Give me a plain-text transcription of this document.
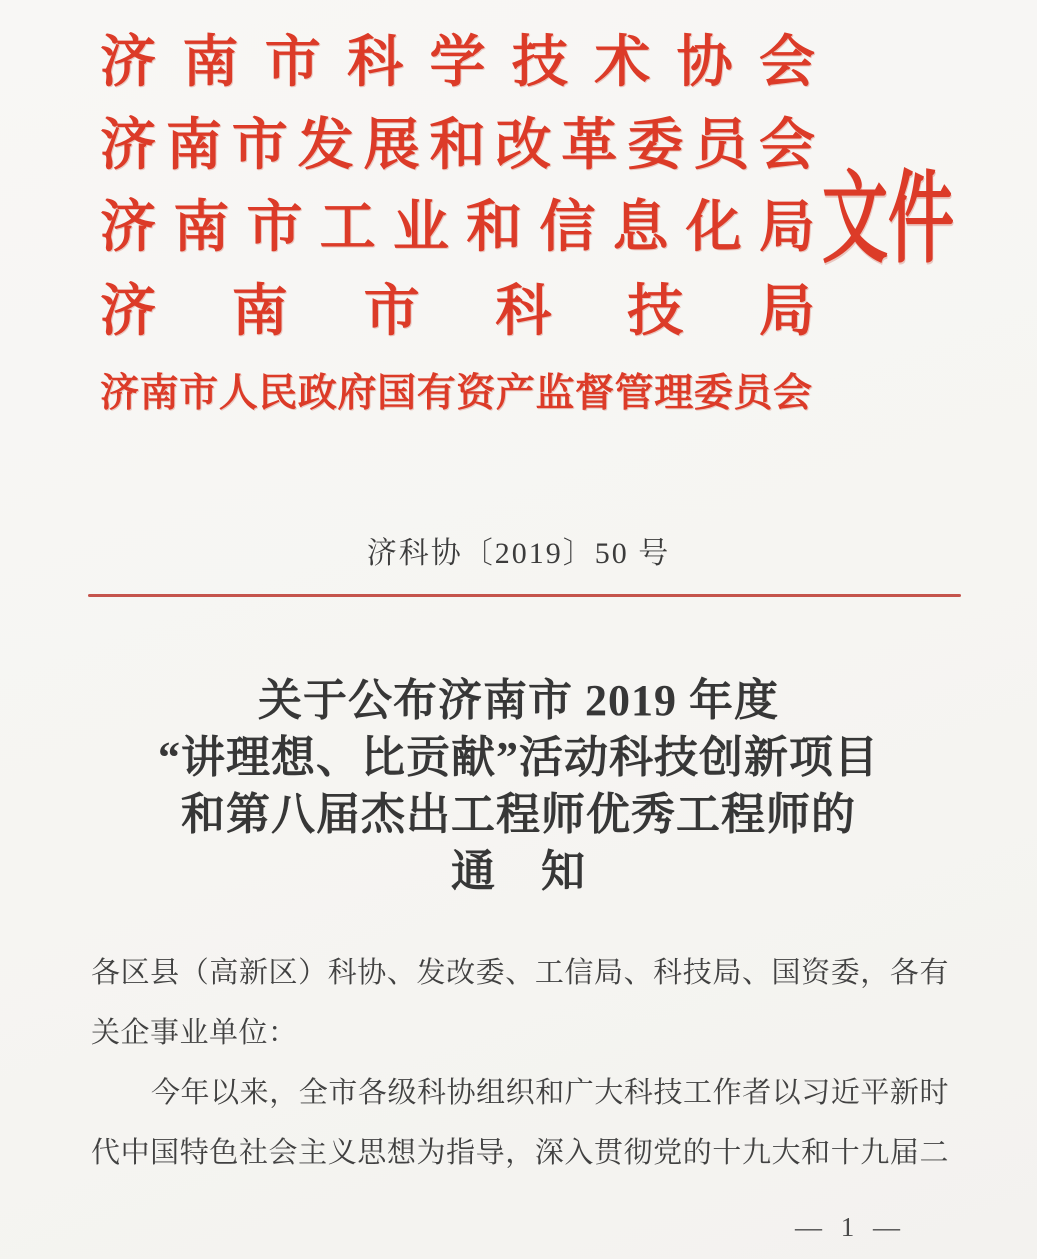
济南市科学技术协会
济南市发展和改革委员会
济南市工业和信息化局
济南市科技局
济南市人民政府国有资产监督管理委员会
文件
济科协〔2019〕50 号
关于公布济南市 2019 年度
“讲理想、比贡献”活动科技创新项目
和第八届杰出工程师优秀工程师的
通　知
各区县（高新区）科协、发改委、工信局、科技局、国资委，各有
关企事业单位：
今年以来，全市各级科协组织和广大科技工作者以习近平新时
代中国特色社会主义思想为指导，深入贯彻党的十九大和十九届二
— 1 —
